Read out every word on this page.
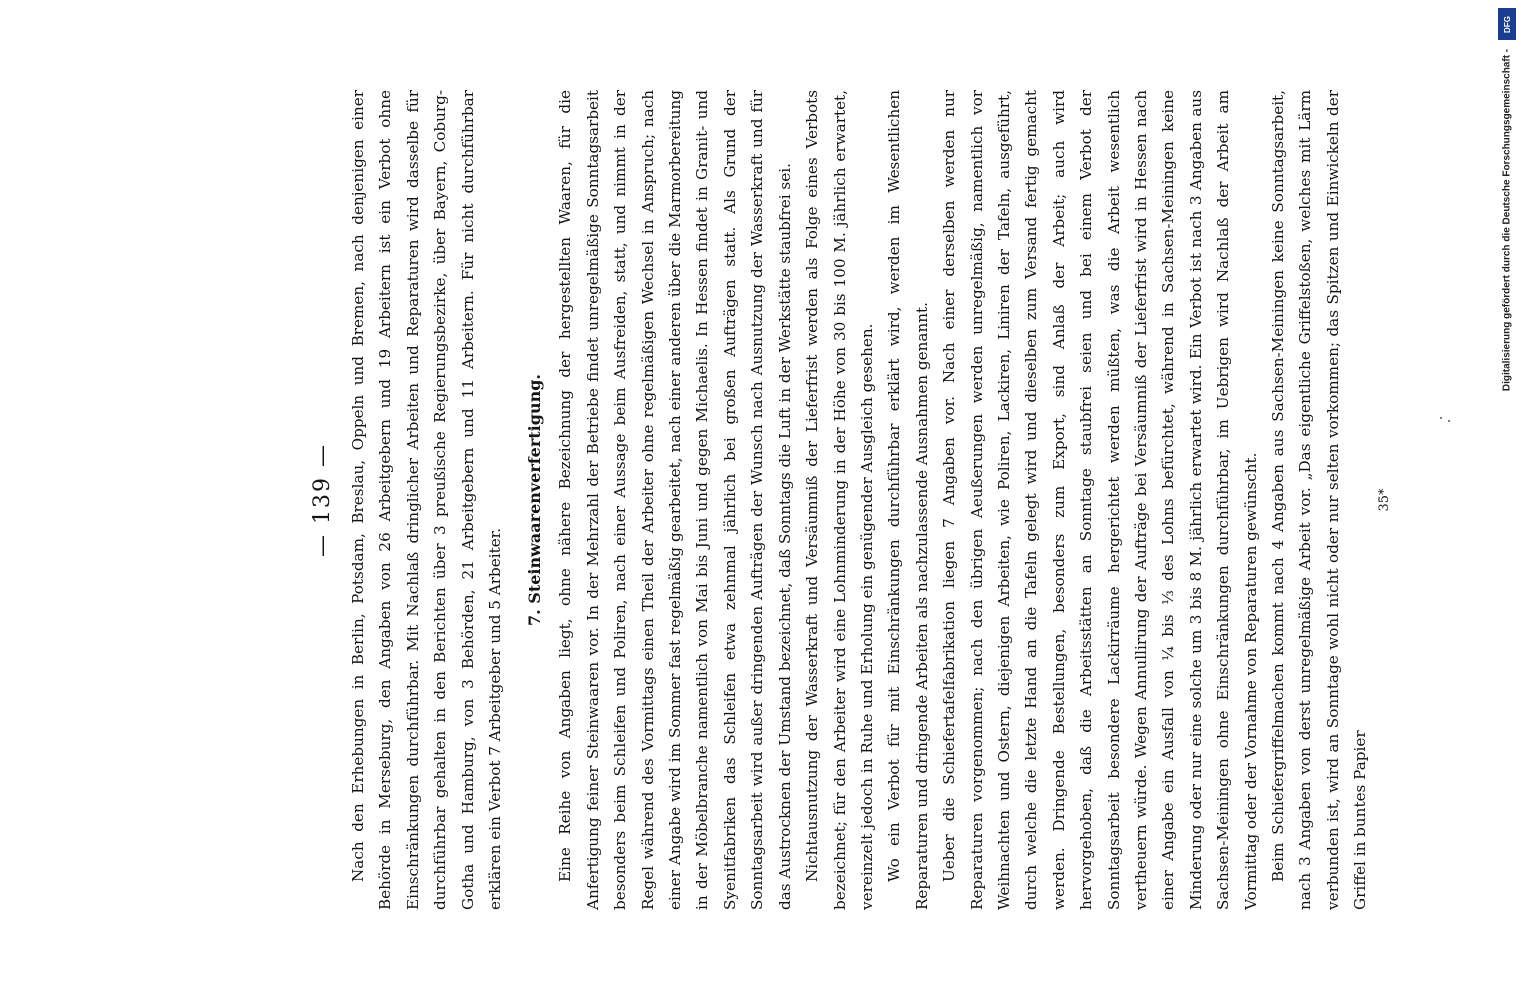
— 139 — Nach den Erhebungen in Berlin, Potsdam, Breslau, Oppeln und Bremen, nach denjenigen einer Behörde in Merseburg, den Angaben von 26 Arbeitgebern und 19 Arbeitern ist ein Verbot ohne Einschränkungen durchführbar. Mit Nachlaß dringlicher Arbeiten und Reparaturen wird dasselbe für durchführbar gehalten in den Berichten über 3 preußische Regierungsbezirke, über Bayern, Coburg-Gotha und Hamburg, von 3 Behörden, 21 Arbeitgebern und 11 Arbeitern. Für nicht durchführbar erklären ein Verbot 7 Arbeitgeber und 5 Arbeiter.

7. Steinwaarenverfertigung. Eine Reihe von Angaben liegt, ohne nähere Bezeichnung der hergestellten Waaren, für die Anfertigung feiner Steinwaaren vor. In der Mehrzahl der Betriebe findet unregelmäßige Sonntagsarbeit besonders beim Schleifen und Poliren, nach einer Aussage beim Ausfreiden, statt, und nimmt in der Regel während des Vormittags einen Theil der Arbeiter ohne regelmäßigen Wechsel in Anspruch; nach einer Angabe wird im Sommer fast regelmäßig gearbeitet, nach einer anderen über die Marmorbereitung in der Möbelbranche namentlich von Mai bis Juni und gegen Michaelis. In Hessen findet in Granit- und Syenitfabriken das Schleifen etwa zehnmal jährlich bei großen Aufträgen statt. Als Grund der Sonntagsarbeit wird außer dringenden Aufträgen der Wunsch nach Ausnutzung der Wasserkraft und für das Austrocknen der Umstand bezeichnet, daß Sonntags die Luft in der Werkstätte staubfrei sei. Nichtausnutzung der Wasserkraft und Versäumniß der Lieferfrist werden als Folge eines Verbots bezeichnet; für den Arbeiter wird eine Lohnminderung in der Höhe von 30 bis 100 M. jährlich erwartet, vereinzelt jedoch in Ruhe und Erholung ein genügender Ausgleich gesehen. Wo ein Verbot für mit Einschränkungen durchführbar erklärt wird, werden im Wesentlichen Reparaturen und dringende Arbeiten als nachzulassende Ausnahmen genannt. Ueber die Schiefertafelfabrikation liegen 7 Angaben vor. Nach einer derselben werden nur Reparaturen vorgenommen; nach den übrigen Aeußerungen werden unregelmäßig, namentlich vor Weihnachten und Ostern, diejenigen Arbeiten, wie Poliren, Lackiren, Liniren der Tafeln, ausgeführt, durch welche die letzte Hand an die Tafeln gelegt wird und dieselben zum Versand fertig gemacht werden. Dringende Bestellungen, besonders zum Export, sind Anlaß der Arbeit; auch wird hervorgehoben, daß die Arbeitsstätten an Sonntage staubfrei seien und bei einem Verbot der Sonntagsarbeit besondere Lackirräume hergerichtet werden müßten, was die Arbeit wesentlich vertheuern würde. Wegen Annullirung der Aufträge bei Versäumniß der Lieferfrist wird in Hessen nach einer Angabe ein Ausfall von ¼ bis ⅓ des Lohns befürchtet, während in Sachsen-Meiningen keine Minderung oder nur eine solche um 3 bis 8 M. jährlich erwartet wird. Ein Verbot ist nach 3 Angaben aus Sachsen-Meiningen ohne Einschränkungen durchführbar, im Uebrigen wird Nachlaß der Arbeit am Vormittag oder der Vornahme von Reparaturen gewünscht. Beim Schiefergriffelmachen kommt nach 4 Angaben aus Sachsen-Meiningen keine Sonntagsarbeit, nach 3 Angaben von derst unregelmäßige Arbeit vor. „Das eigentliche Griffelstoßen, welches mit Lärm verbunden ist, wird an Sonntage wohl nicht oder nur selten vorkommen; das Spitzen und Einwickeln der Griffel in buntes Papier

35*
DFG
Digitalisierung gefördert durch die Deutsche Forschungsgemeinschaft -
